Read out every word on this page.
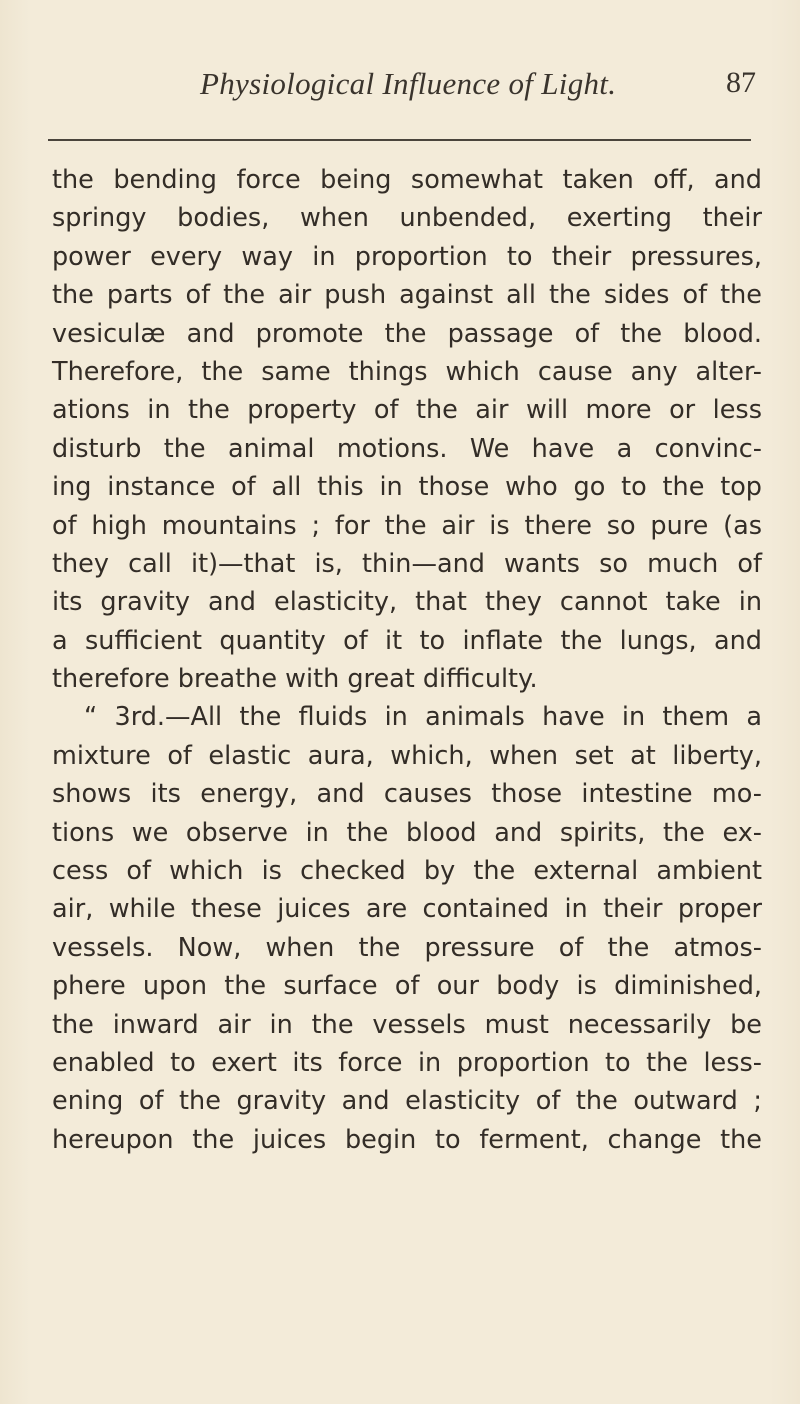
Physiological Influence of Light.	87
the bending force being somewhat taken off, and
springy bodies, when unbended, exerting their
power every way in proportion to their pressures,
the parts of the air push against all the sides of the
vesiculæ and promote the passage of the blood.
Therefore, the same things which cause any alter-
ations in the property of the air will more or less
disturb the animal motions. We have a convinc-
ing instance of all this in those who go to the top
of high mountains ; for the air is there so pure (as
they call it)—that is, thin—and wants so much of
its gravity and elasticity, that they cannot take in
a sufficient quantity of it to inflate the lungs, and
therefore breathe with great difficulty.
“ 3rd.—All the fluids in animals have in them a
mixture of elastic aura, which, when set at liberty,
shows its energy, and causes those intestine mo-
tions we observe in the blood and spirits, the ex-
cess of which is checked by the external ambient
air, while these juices are contained in their proper
vessels. Now, when the pressure of the atmos-
phere upon the surface of our body is diminished,
the inward air in the vessels must necessarily be
enabled to exert its force in proportion to the less-
ening of the gravity and elasticity of the outward ;
hereupon the juices begin to ferment, change the
